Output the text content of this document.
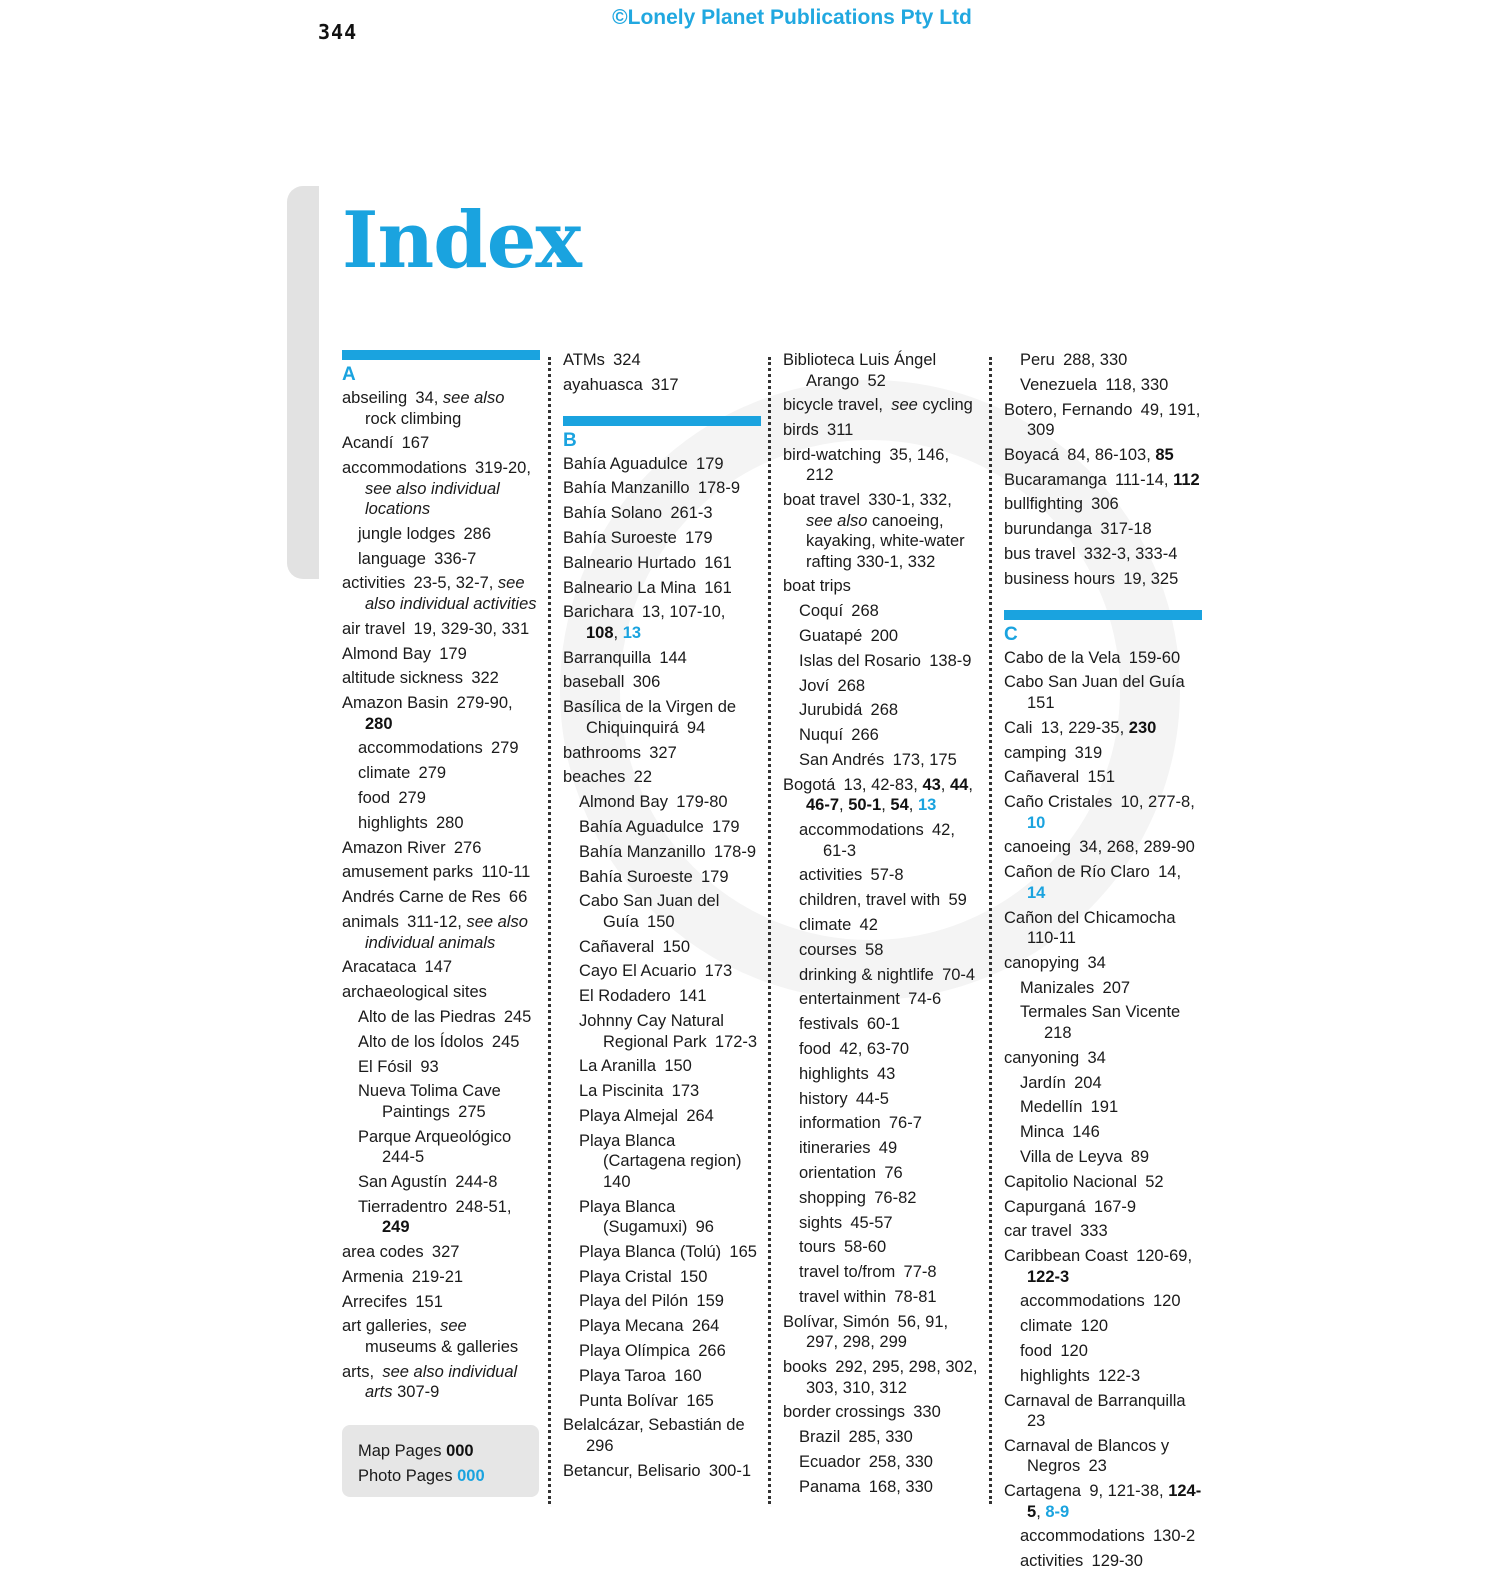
344
©Lonely Planet Publications Pty Ltd
Index
A
abseiling  34, see also rock climbing
Acandí  167
accommodations  319-20, see also individual locations
jungle lodges  286
language  336-7
activities  23-5, 32-7, see also individual activities
air travel  19, 329-30, 331
Almond Bay  179
altitude sickness  322
Amazon Basin  279-90, 280
accommodations  279
climate  279
food  279
highlights  280
Amazon River  276
amusement parks  110-11
Andrés Carne de Res  66
animals  311-12, see also individual animals
Aracataca  147
archaeological sites
Alto de las Piedras  245
Alto de los Ídolos  245
El Fósil  93
Nueva Tolima Cave Paintings  275
Parque Arqueológico 244-5
San Agustín  244-8
Tierradentro  248-51, 249
area codes  327
Armenia  219-21
Arrecifes  151
art galleries,  see museums & galleries
arts,  see also individual arts 307-9
ATMs  324
ayahuasca  317
B
Bahía Aguadulce  179
Bahía Manzanillo  178-9
Bahía Solano  261-3
Bahía Suroeste  179
Balneario Hurtado  161
Balneario La Mina  161
Barichara  13, 107-10, 108, 13
Barranquilla  144
baseball  306
Basílica de la Virgen de Chiquinquirá  94
bathrooms  327
beaches  22
Almond Bay  179-80
Bahía Aguadulce  179
Bahía Manzanillo  178-9
Bahía Suroeste  179
Cabo San Juan del Guía  150
Cañaveral  150
Cayo El Acuario  173
El Rodadero  141
Johnny Cay Natural Regional Park  172-3
La Aranilla  150
La Piscinita  173
Playa Almejal  264
Playa Blanca (Cartagena region) 140
Playa Blanca (Sugamuxi)  96
Playa Blanca (Tolú)  165
Playa Cristal  150
Playa del Pilón  159
Playa Mecana  264
Playa Olímpica  266
Playa Taroa  160
Punta Bolívar  165
Belalcázar, Sebastián de 296
Betancur, Belisario  300-1
Biblioteca Luis Ángel Arango  52
bicycle travel,  see cycling
birds  311
bird-watching  35, 146, 212
boat travel  330-1, 332, see also canoeing, kayaking, white-water rafting 330-1, 332
boat trips
Coquí  268
Guatapé  200
Islas del Rosario  138-9
Joví  268
Jurubidá  268
Nuquí  266
San Andrés  173, 175
Bogotá  13, 42-83, 43, 44, 46-7, 50-1, 54, 13
accommodations  42, 61-3
activities  57-8
children, travel with  59
climate  42
courses  58
drinking & nightlife  70-4
entertainment  74-6
festivals  60-1
food  42, 63-70
highlights  43
history  44-5
information  76-7
itineraries  49
orientation  76
shopping  76-82
sights  45-57
tours  58-60
travel to/from  77-8
travel within  78-81
Bolívar, Simón  56, 91, 297, 298, 299
books  292, 295, 298, 302, 303, 310, 312
border crossings  330
Brazil  285, 330
Ecuador  258, 330
Panama  168, 330
Peru  288, 330
Venezuela  118, 330
Botero, Fernando  49, 191, 309
Boyacá  84, 86-103, 85
Bucaramanga  111-14, 112
bullfighting  306
burundanga  317-18
bus travel  332-3, 333-4
business hours  19, 325
C
Cabo de la Vela  159-60
Cabo San Juan del Guía 151
Cali  13, 229-35, 230
camping  319
Cañaveral  151
Caño Cristales  10, 277-8, 10
canoeing  34, 268, 289-90
Cañon de Río Claro  14, 14
Cañon del Chicamocha 110-11
canopying  34
Manizales  207
Termales San Vicente 218
canyoning  34
Jardín  204
Medellín  191
Minca  146
Villa de Leyva  89
Capitolio Nacional  52
Capurganá  167-9
car travel  333
Caribbean Coast  120-69, 122-3
accommodations  120
climate  120
food  120
highlights  122-3
Carnaval de Barranquilla 23
Carnaval de Blancos y Negros  23
Cartagena  9, 121-38, 124-5, 8-9
accommodations  130-2
activities  129-30
Map Pages 000
Photo Pages 000
